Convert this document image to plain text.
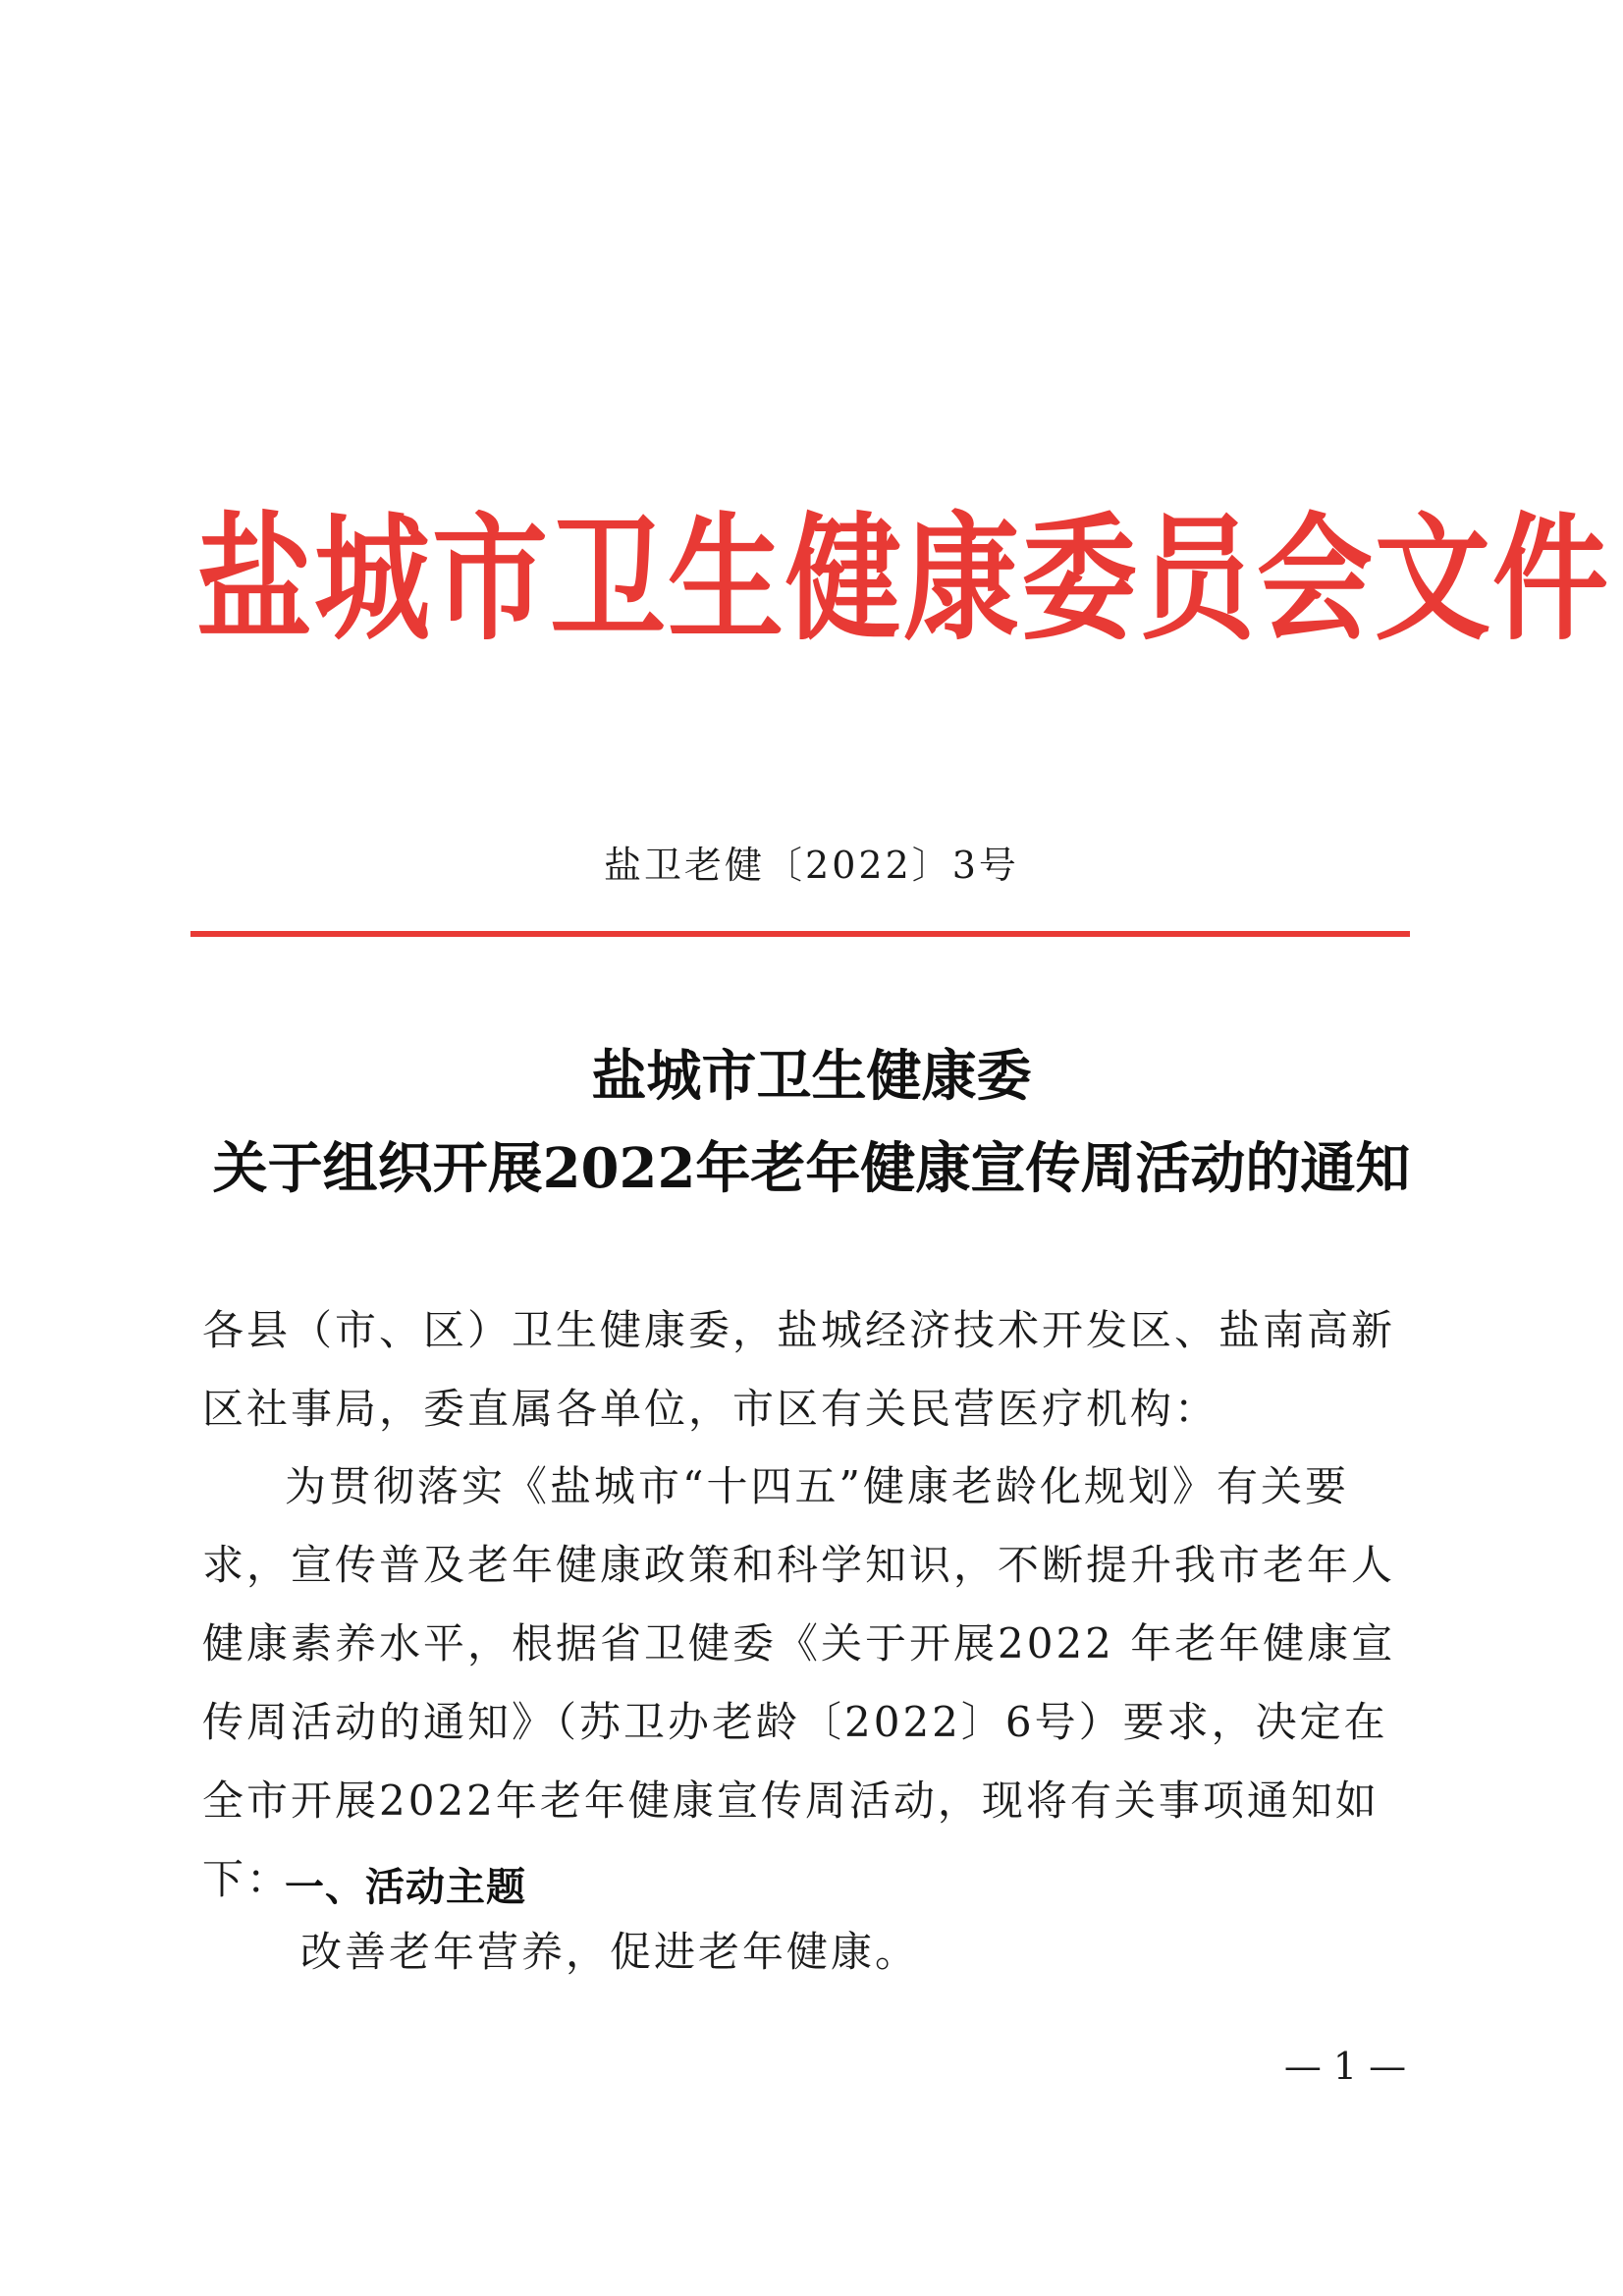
盐城市卫生健康委员会文件
盐卫老健〔2022〕3号
盐城市卫生健康委
关于组织开展2022年老年健康宣传周活动的通知

各县（市、区）卫生健康委，盐城经济技术开发区、盐南高新区社事局，委直属各单位，市区有关民营医疗机构：

为贯彻落实《盐城市“十四五”健康老龄化规划》有关要求，宣传普及老年健康政策和科学知识，不断提升我市老年人健康素养水平，根据省卫健委《关于开展2022 年老年健康宣传周活动的通知》（苏卫办老龄〔2022〕6号）要求，决定在全市开展2022年老年健康宣传周活动，现将有关事项通知如下：

一、活动主题

改善老年营养，促进老年健康。

— 1 —
